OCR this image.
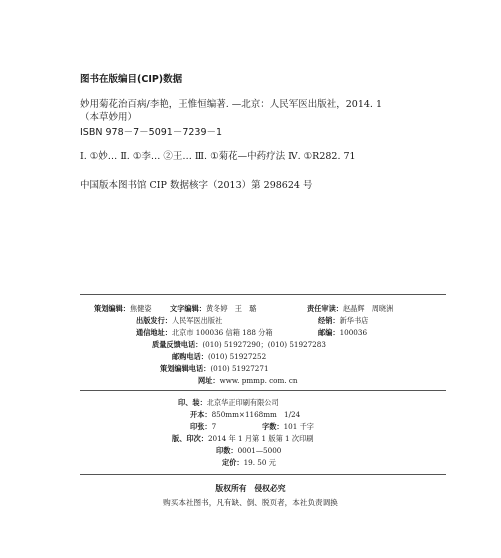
图书在版编目(CIP)数据
妙用菊花治百病/李艳，王惟恒编著. —北京：人民军医出版社，2014. 1
（本草妙用）
ISBN 978－7－5091－7239－1
Ⅰ. ①妙… Ⅱ. ①李… ②王… Ⅲ. ①菊花—中药疗法 Ⅳ. ①R282. 71
中国版本图书馆 CIP 数据核字（2013）第 298624 号
策划编辑：焦健姿	文字编辑：黄冬婷　王　璐	责任审读：赵晶辉　周晓洲
出版发行：人民军医出版社	经销：新华书店
通信地址：北京市 100036 信箱 188 分箱	邮编：100036
质量反馈电话：(010) 51927290；(010) 51927283
邮购电话：(010) 51927252
策划编辑电话：(010) 51927271
网址：www. pmmp. com. cn
印、装：北京华正印刷有限公司
开本：850mm×1168mm　1/24
印张：7	字数：101 千字
版、印次：2014 年 1 月第 1 版第 1 次印刷
印数：0001—5000
定价：19. 50 元
版权所有　侵权必究
购买本社图书，凡有缺、倒、脱页者，本社负责调换
